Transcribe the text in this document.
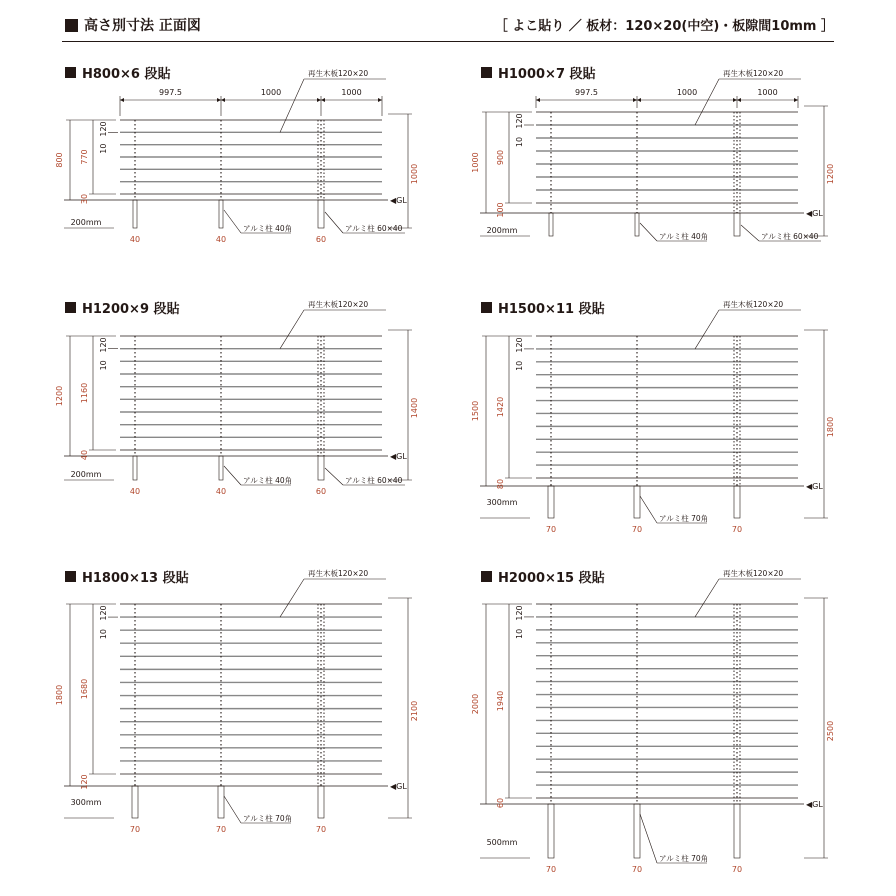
高さ別寸法 正面図	［ よこ貼り ／ 板材：120×20(中空)・板隙間10mm ］
H800×6 段貼	H1000×7 段貼
H1200×9 段貼	H1500×11 段貼
H1800×13 段貼	H2000×15 段貼
◀GL
1000
800 770
30
120
10
200mm
40	40	60
アルミ柱 40角	アルミ柱 60×40
再生木板120×20
997.5	1000	1000
◀GL
1200
1000 900
100
120
10
200mm
アルミ柱 40角	アルミ柱 60×40
再生木板120×20
997.5	1000	1000
◀GL
1400
1200 1160
40
120
10
200mm
40	40	60
アルミ柱 40角	アルミ柱 60×40
再生木板120×20
◀GL
1800
1500 1420
80
120
10
300mm
70	70	70
アルミ柱 70角
再生木板120×20
◀GL
2100
1800 1680
120
120
10
300mm
70	70	70
アルミ柱 70角
再生木板120×20
◀GL
2500
2000 1940
60
120
10
500mm
70	70	70
アルミ柱 70角
再生木板120×20
